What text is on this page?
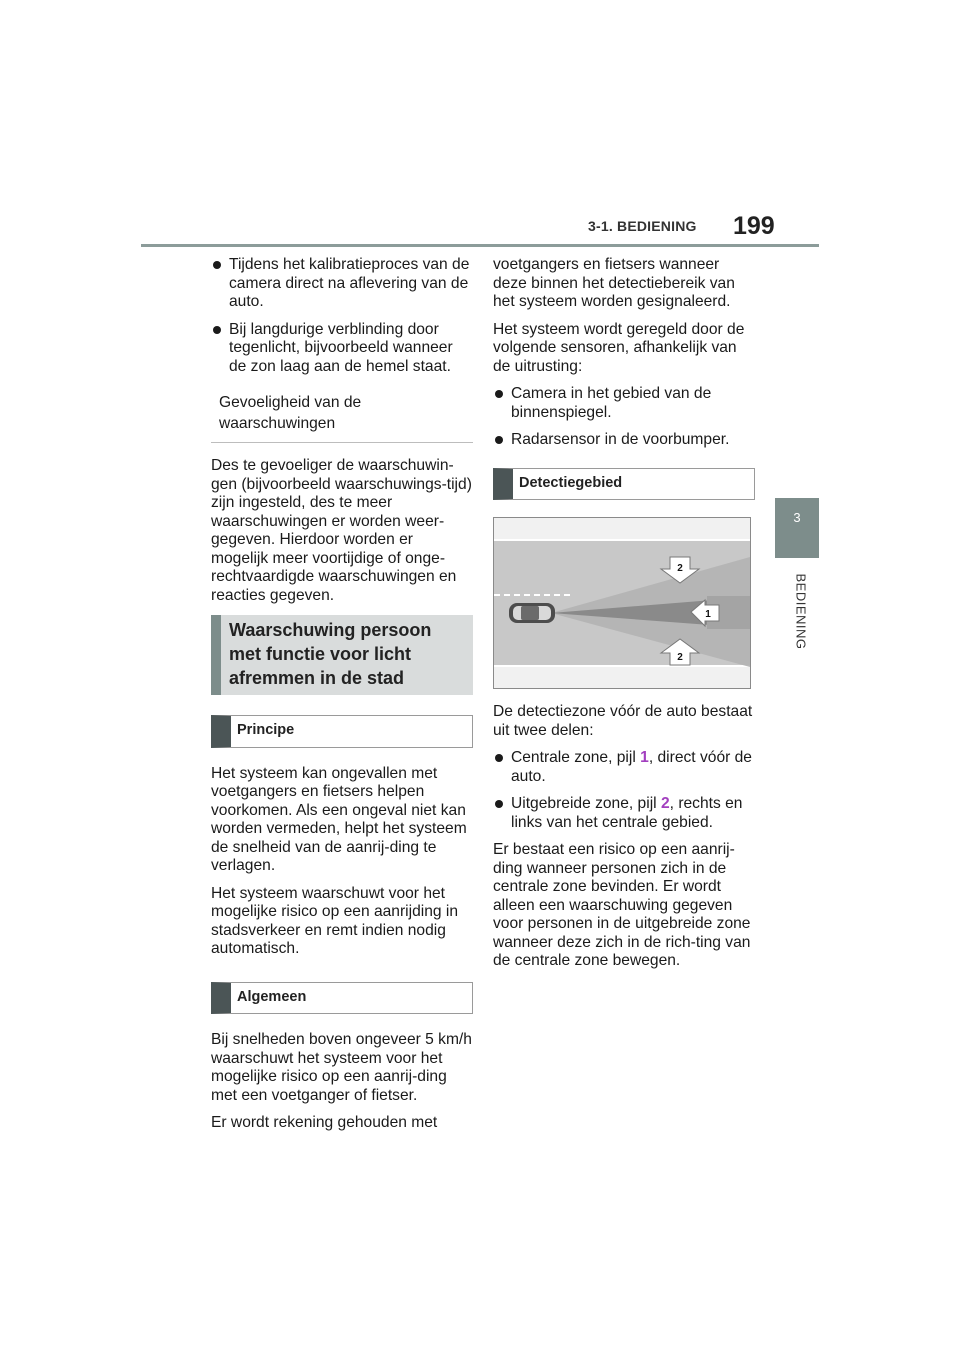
3-1. BEDIENING 199
3
BEDIENING
Tijdens het kalibratieproces van de camera direct na aflevering van de auto.
Bij langdurige verblinding door tegenlicht, bijvoorbeeld wanneer de zon laag aan de hemel staat.
Gevoeligheid van de waarschuwingen

Des te gevoeliger de waarschuwin-gen (bijvoorbeeld waarschuwings-tijd) zijn ingesteld, des te meer waarschuwingen er worden weer-gegeven. Hierdoor worden er mogelijk meer voortijdige of onge-rechtvaardigde waarschuwingen en reacties gegeven.

Waarschuwing persoon met functie voor licht afremmen in de stad
Principe

Het systeem kan ongevallen met voetgangers en fietsers helpen voorkomen. Als een ongeval niet kan worden vermeden, helpt het systeem de snelheid van de aanrij-ding te verlagen.

Het systeem waarschuwt voor het mogelijke risico op een aanrijding in stadsverkeer en remt indien nodig automatisch.

Algemeen

Bij snelheden boven ongeveer 5 km/h waarschuwt het systeem voor het mogelijke risico op een aanrij-ding met een voetganger of fietser.

Er wordt rekening gehouden met

voetgangers en fietsers wanneer deze binnen het detectiebereik van het systeem worden gesignaleerd.

Het systeem wordt geregeld door de volgende sensoren, afhankelijk van de uitrusting:

Camera in het gebied van de binnenspiegel.
Radarsensor in de voorbumper.
Detectiegebied
2
1
2

De detectiezone vóór de auto bestaat uit twee delen:

Centrale zone, pijl 1, direct vóór de auto.
Uitgebreide zone, pijl 2, rechts en links van het centrale gebied.

Er bestaat een risico op een aanrij-ding wanneer personen zich in de centrale zone bevinden. Er wordt alleen een waarschuwing gegeven voor personen in de uitgebreide zone wanneer deze zich in de rich-ting van de centrale zone bewegen.
